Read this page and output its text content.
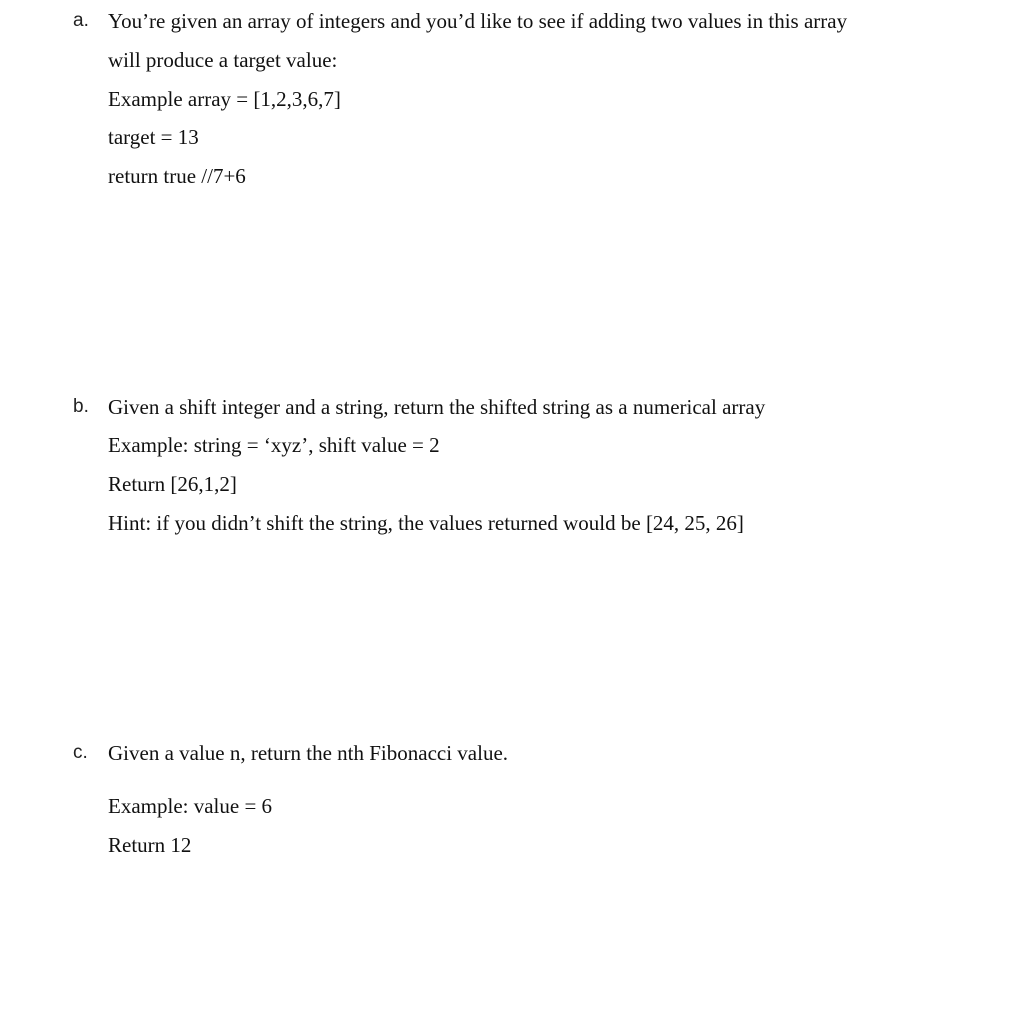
a. You’re given an array of integers and you’d like to see if adding two values in this array
will produce a target value:
Example array = [1,2,3,6,7]
target = 13
return true //7+6
b. Given a shift integer and a string, return the shifted string as a numerical array
Example: string = ‘xyz’, shift value = 2
Return [26,1,2]
Hint: if you didn’t shift the string, the values returned would be [24, 25, 26]
c. Given a value n, return the nth Fibonacci value.
Example: value = 6
Return 12
